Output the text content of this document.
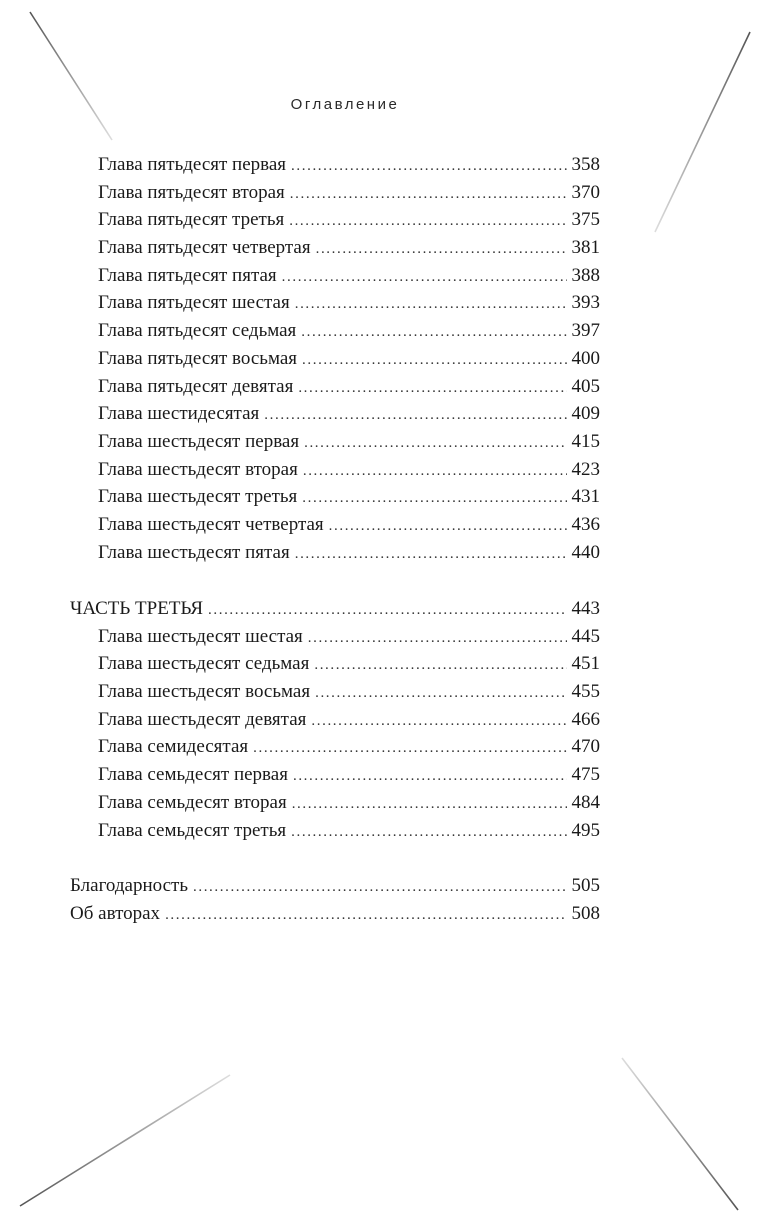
Оглавление
Глава пятьдесят первая .....	358
Глава пятьдесят вторая .....	370
Глава пятьдесят третья .....	375
Глава пятьдесят четвертая .....	381
Глава пятьдесят пятая .....	388
Глава пятьдесят шестая .....	393
Глава пятьдесят седьмая .....	397
Глава пятьдесят восьмая .....	400
Глава пятьдесят девятая .....	405
Глава шестидесятая .....	409
Глава шестьдесят первая .....	415
Глава шестьдесят вторая .....	423
Глава шестьдесят третья .....	431
Глава шестьдесят четвертая .....	436
Глава шестьдесят пятая .....	440
ЧАСТЬ ТРЕТЬЯ .....	443
Глава шестьдесят шестая .....	445
Глава шестьдесят седьмая .....	451
Глава шестьдесят восьмая .....	455
Глава шестьдесят девятая .....	466
Глава семидесятая .....	470
Глава семьдесят первая .....	475
Глава семьдесят вторая .....	484
Глава семьдесят третья .....	495
Благодарность .....	505
Об авторах .....	508
